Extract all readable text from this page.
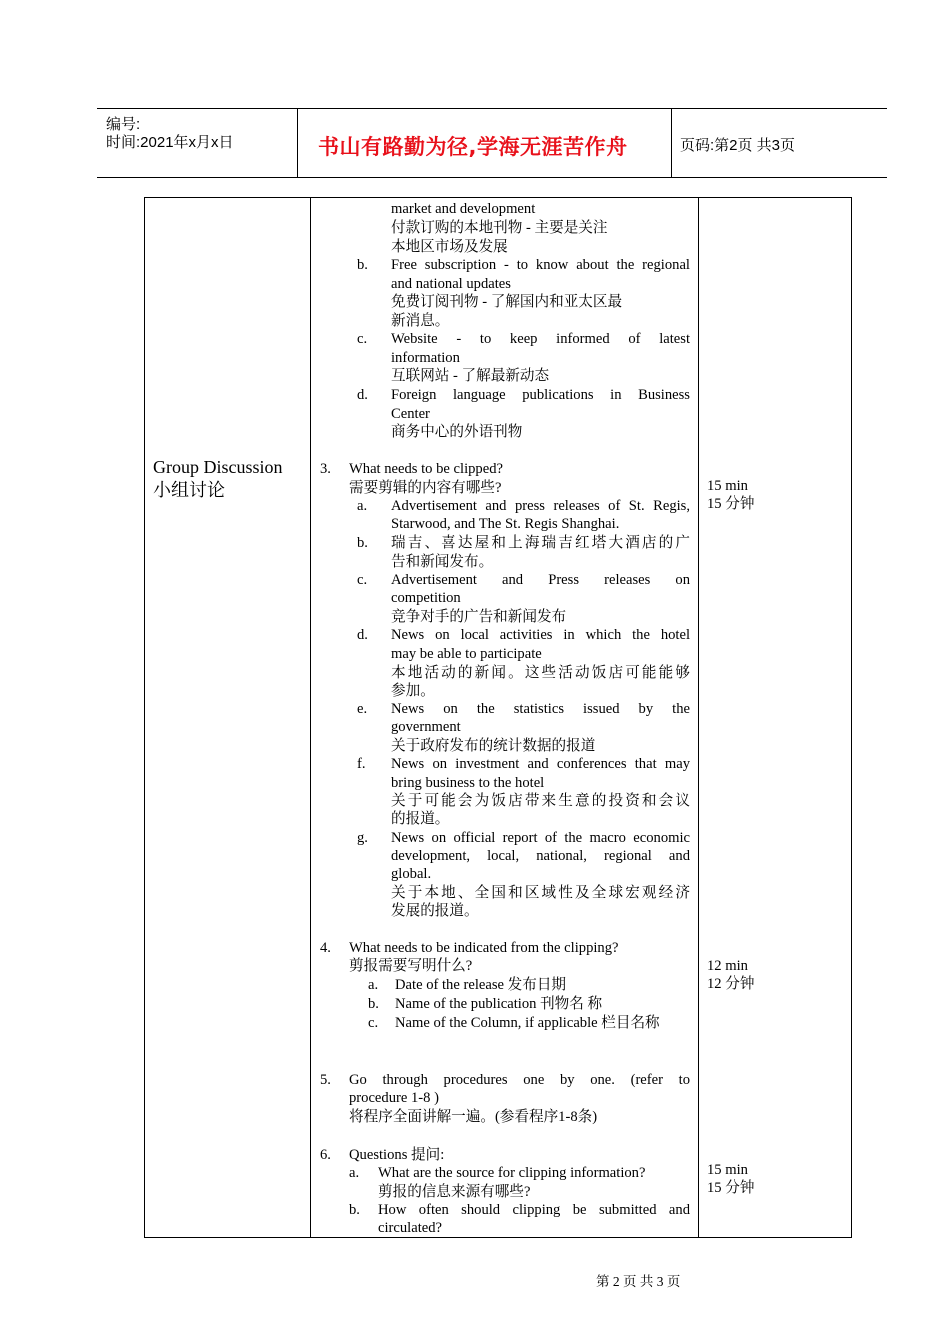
编号:
时间:2021年x月x日	书山有路勤为径,学海无涯苦作舟	页码:第2页 共3页
Group Discussion
小组讨论
market and development
付款订购的本地刊物 - 主要是关注
本地区市场及发展
b. Free subscription - to know about the regional
and national updates
免费订阅刊物 - 了解国内和亚太区最
新消息。
c. Website - to keep informed of latest
information
互联网站 - 了解最新动态
d. Foreign language publications in Business
Center
商务中心的外语刊物
3. What needs to be clipped?
需要剪辑的内容有哪些?
a. Advertisement and press releases of St. Regis,
Starwood, and The St. Regis Shanghai.
b. 瑞吉、喜达屋和上海瑞吉红塔大酒店的广
告和新闻发布。
c. Advertisement and Press releases on
competition
竞争对手的广告和新闻发布
d. News on local activities in which the hotel
may be able to participate
本地活动的新闻。这些活动饭店可能能够
参加。
e. News on the statistics issued by the
government
关于政府发布的统计数据的报道
f. News on investment and conferences that may
bring business to the hotel
关于可能会为饭店带来生意的投资和会议
的报道。
g. News on official report of the macro economic
development, local, national, regional and
global.
关于本地、全国和区域性及全球宏观经济
发展的报道。
4. What needs to be indicated from the clipping?
剪报需要写明什么?
a. Date of the release 发布日期
b. Name of the publication 刊物名 称
c. Name of the Column, if applicable 栏目名称
5. Go through procedures one by one. (refer to
procedure 1-8 )
将程序全面讲解一遍。(参看程序1-8条)
6. Questions 提问:
a. What are the source for clipping information?
剪报的信息来源有哪些?
b. How often should clipping be submitted and
circulated?
15 min
15 分钟
12 min
12 分钟
15 min
15 分钟
第 2 页 共 3 页
